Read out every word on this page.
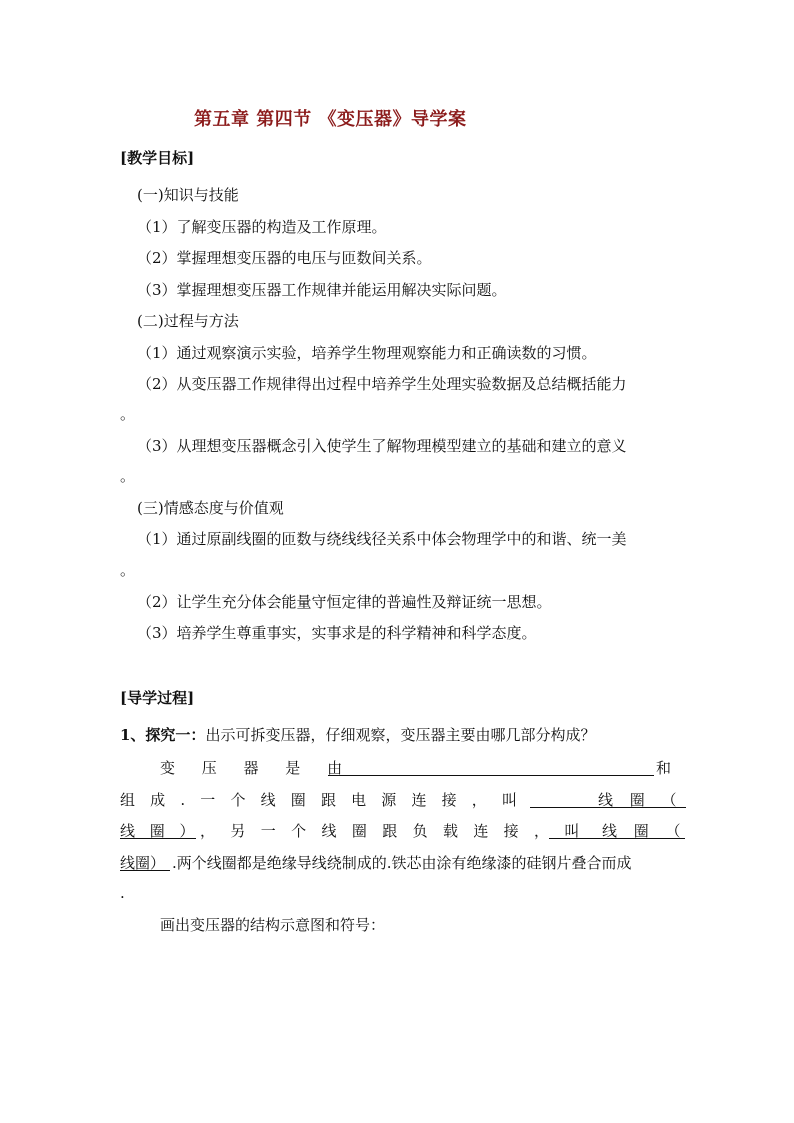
第五章 第四节 《变压器》导学案
[教学目标]
(一)知识与技能
（1）了解变压器的构造及工作原理。
（2）掌握理想变压器的电压与匝数间关系。
（3）掌握理想变压器工作规律并能运用解决实际问题。
(二)过程与方法
（1）通过观察演示实验，培养学生物理观察能力和正确读数的习惯。
（2）从变压器工作规律得出过程中培养学生处理实验数据及总结概括能力
。
（3）从理想变压器概念引入使学生了解物理模型建立的基础和建立的意义
。
(三)情感态度与价值观
（1）通过原副线圈的匝数与绕线线径关系中体会物理学中的和谐、统一美
。
（2）让学生充分体会能量守恒定律的普遍性及辩证统一思想。
（3）培养学生尊重事实，实事求是的科学精神和科学态度。
[导学过程]
1、探究一：出示可拆变压器，仔细观察，变压器主要由哪几部分构成？
变 压 器 是 由	和
组 成 . 一 个 线 圈 跟 电 源 连 接 ， 叫	线 圈 （
线 圈 ） ， 另 一 个 线 圈 跟 负 载 连 接 ， 叫 线 圈 （
线圈） .两个线圈都是绝缘导线绕制成的.铁芯由涂有绝缘漆的硅钢片叠合而成
.
画出变压器的结构示意图和符号：
